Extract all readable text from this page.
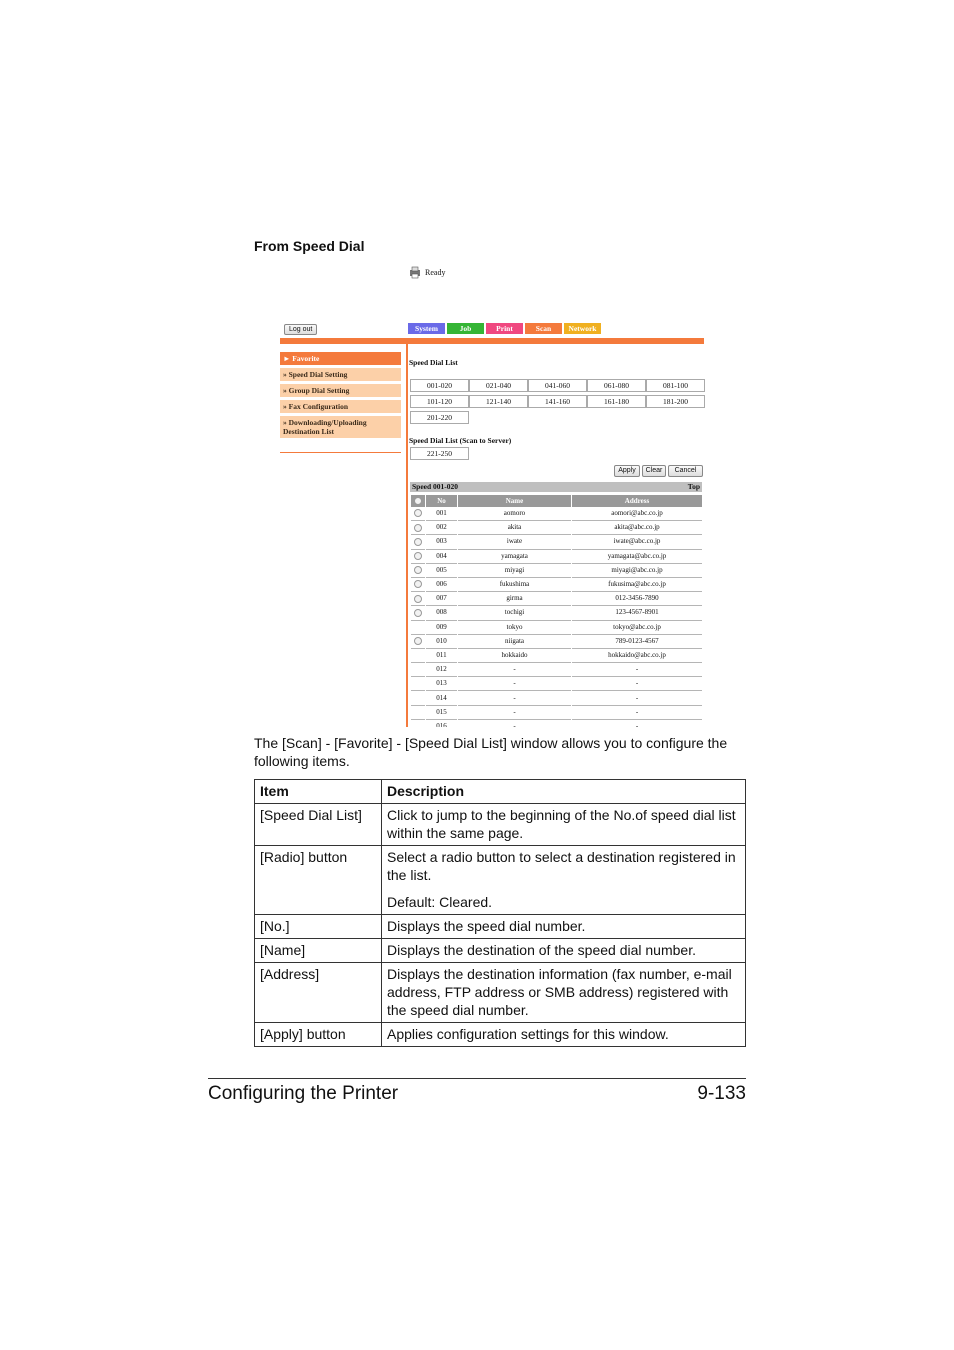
From Speed Dial
Ready
Log out	System	Job	Print	Scan	Network
► Favorite
» Speed Dial Setting
» Group Dial Setting
» Fax Configuration
» Downloading/Uploading Destination List
Speed Dial List
001-020	021-040	041-060	061-080	081-100
101-120	121-140	141-160	161-180	181-200
201-220
Speed Dial List (Scan to Server)
221-250
Apply	Clear	Cancel
Speed 001-020	Top
	No	Name	Address
	001	aomoro	aomori@abc.co.jp
	002	akita	akita@abc.co.jp
	003	iwate	iwate@abc.co.jp
	004	yamagata	yamagata@abc.co.jp
	005	miyagi	miyagi@abc.co.jp
	006	fukushima	fukusima@abc.co.jp
	007	girma	012-3456-7890
	008	tochigi	123-4567-8901
	009	tokyo	tokyo@abc.co.jp
	010	niigata	789-0123-4567
	011	hokkaido	hokkaido@abc.co.jp
	012	-	-
	013	-	-
	014	-	-
	015	-	-
	016	-	-
The [Scan] - [Favorite] - [Speed Dial List] window allows you to configure the following items.
Item	Description
[Speed Dial List]	Click to jump to the beginning of the No.of speed dial list within the same page.

[Radio] button	Select a radio button to select a destination registered in the list.
Default: Cleared.

[No.]	Displays the speed dial number.

[Name]	Displays the destination of the speed dial number.

[Address]	Displays the destination information (fax number, e-mail address, FTP address or SMB address) registered with the speed dial number.

[Apply] button	Applies configuration settings for this window.
Configuring the Printer	9-133
